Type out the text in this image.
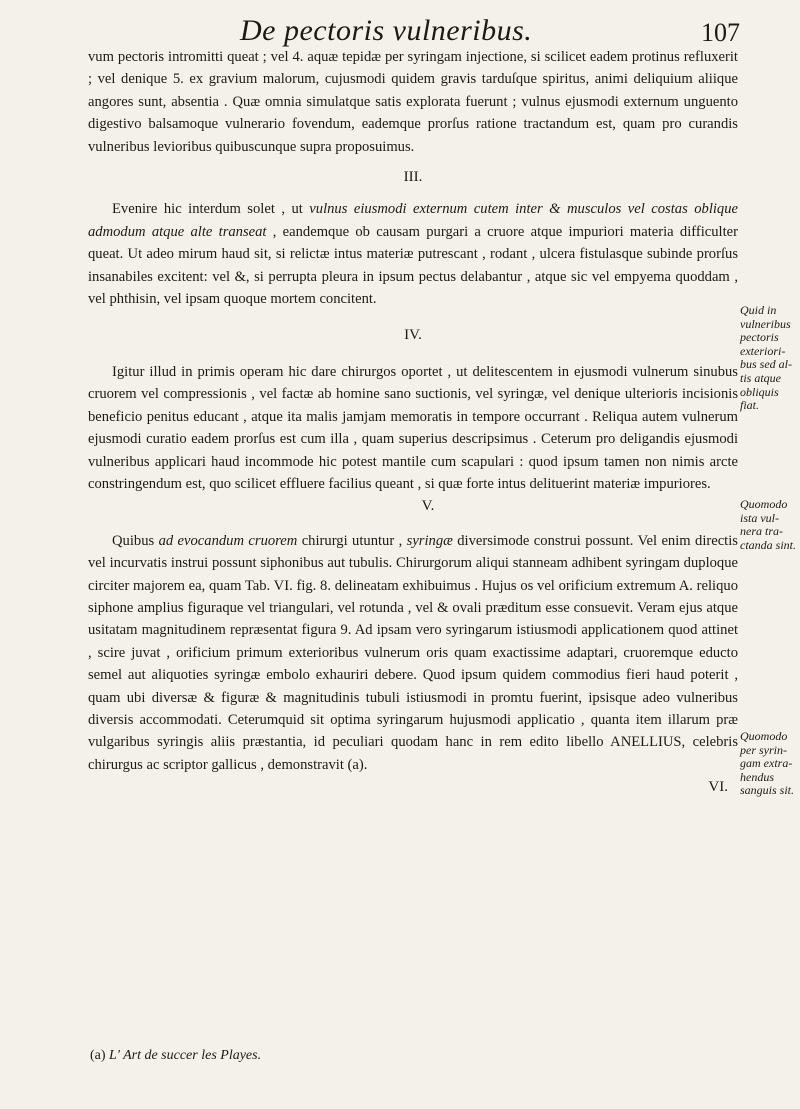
De pectoris vulneribus.	107

vum pectoris intromitti queat ; vel 4. aquæ tepidæ per syringam injectione, si scilicet eadem protinus refluxerit ; vel denique 5. ex gravium malorum, cujusmodi quidem gravis tarduſque spiritus, animi deliquium aliique angores sunt, absentia . Quæ omnia simulatque satis explorata fuerunt ; vulnus ejusmodi externum unguento digestivo balsamoque vulnerario fovendum, eademque prorſus ratione tractandum est, quam pro curandis vulneribus levioribus quibuscunque supra proposuimus.

III.

Evenire hic interdum solet , ut vulnus eiusmodi externum cutem inter & musculos vel costas oblique admodum atque alte transeat , eandemque ob causam purgari a cruore atque impuriori materia difficulter queat. Ut adeo mirum haud sit, si relictæ intus materiæ putrescant , rodant , ulcera fistulasque subinde prorſus insanabiles excitent: vel &, si perrupta pleura in ipsum pectus delabantur , atque sic vel empyema quoddam , vel phthisin, vel ipsam quoque mortem concitent.

IV.

Igitur illud in primis operam hic dare chirurgos oportet , ut delitescentem in ejusmodi vulnerum sinubus cruorem vel compressionis , vel factæ ab homine sano suctionis, vel syringæ, vel denique ulterioris incisionis beneficio penitus educant , atque ita malis jamjam memoratis in tempore occurrant . Reliqua autem vulnerum ejusmodi curatio eadem prorſus est cum illa , quam superius descripsimus . Ceterum pro deligandis ejusmodi vulneribus applicari haud incommode hic potest mantile cum scapulari : quod ipsum tamen non nimis arcte constringendum est, quo scilicet effluere facilius queant , si quæ forte intus delituerint materiæ impuriores.

V.

Quibus ad evocandum cruorem chirurgi utuntur , syringæ diversimode construi possunt. Vel enim directis vel incurvatis instrui possunt siphonibus aut tubulis. Chirurgorum aliqui stanneam adhibent syringam duploque circiter majorem ea, quam Tab. VI. fig. 8. delineatam exhibuimus . Hujus os vel orificium extremum A. reliquo siphone amplius figuraque vel triangulari, vel rotunda , vel & ovali præditum esse consuevit. Veram ejus atque usitatam magnitudinem repræsentat figura 9. Ad ipsam vero syringarum istiusmodi applicationem quod attinet , scire juvat , orificium primum exterioribus vulnerum oris quam exactissime adaptari, cruoremque educto semel aut aliquoties syringæ embolo exhauriri debere. Quod ipsum quidem commodius fieri haud poterit , quam ubi diversæ & figuræ & magnitudinis tubuli istiusmodi in promtu fuerint, ipsisque adeo vulneribus diversis accommodati. Ceterumquid sit optima syringarum hujusmodi applicatio , quanta item illarum præ vulgaribus syringis aliis præstantia, id peculiari quodam hanc in rem edito libello ANELLIUS, celebris chirurgus ac scriptor gallicus , demonstravit (a).

VI.
Quid in vulneribus pectoris exteriori-bus sed al-tis atque obliquis fiat.
Quomodo ista vul-nera tra-ctanda sint.
Quomodo per syrin-gam extra-hendus sanguis sit.
(a) L' Art de succer les Playes.
